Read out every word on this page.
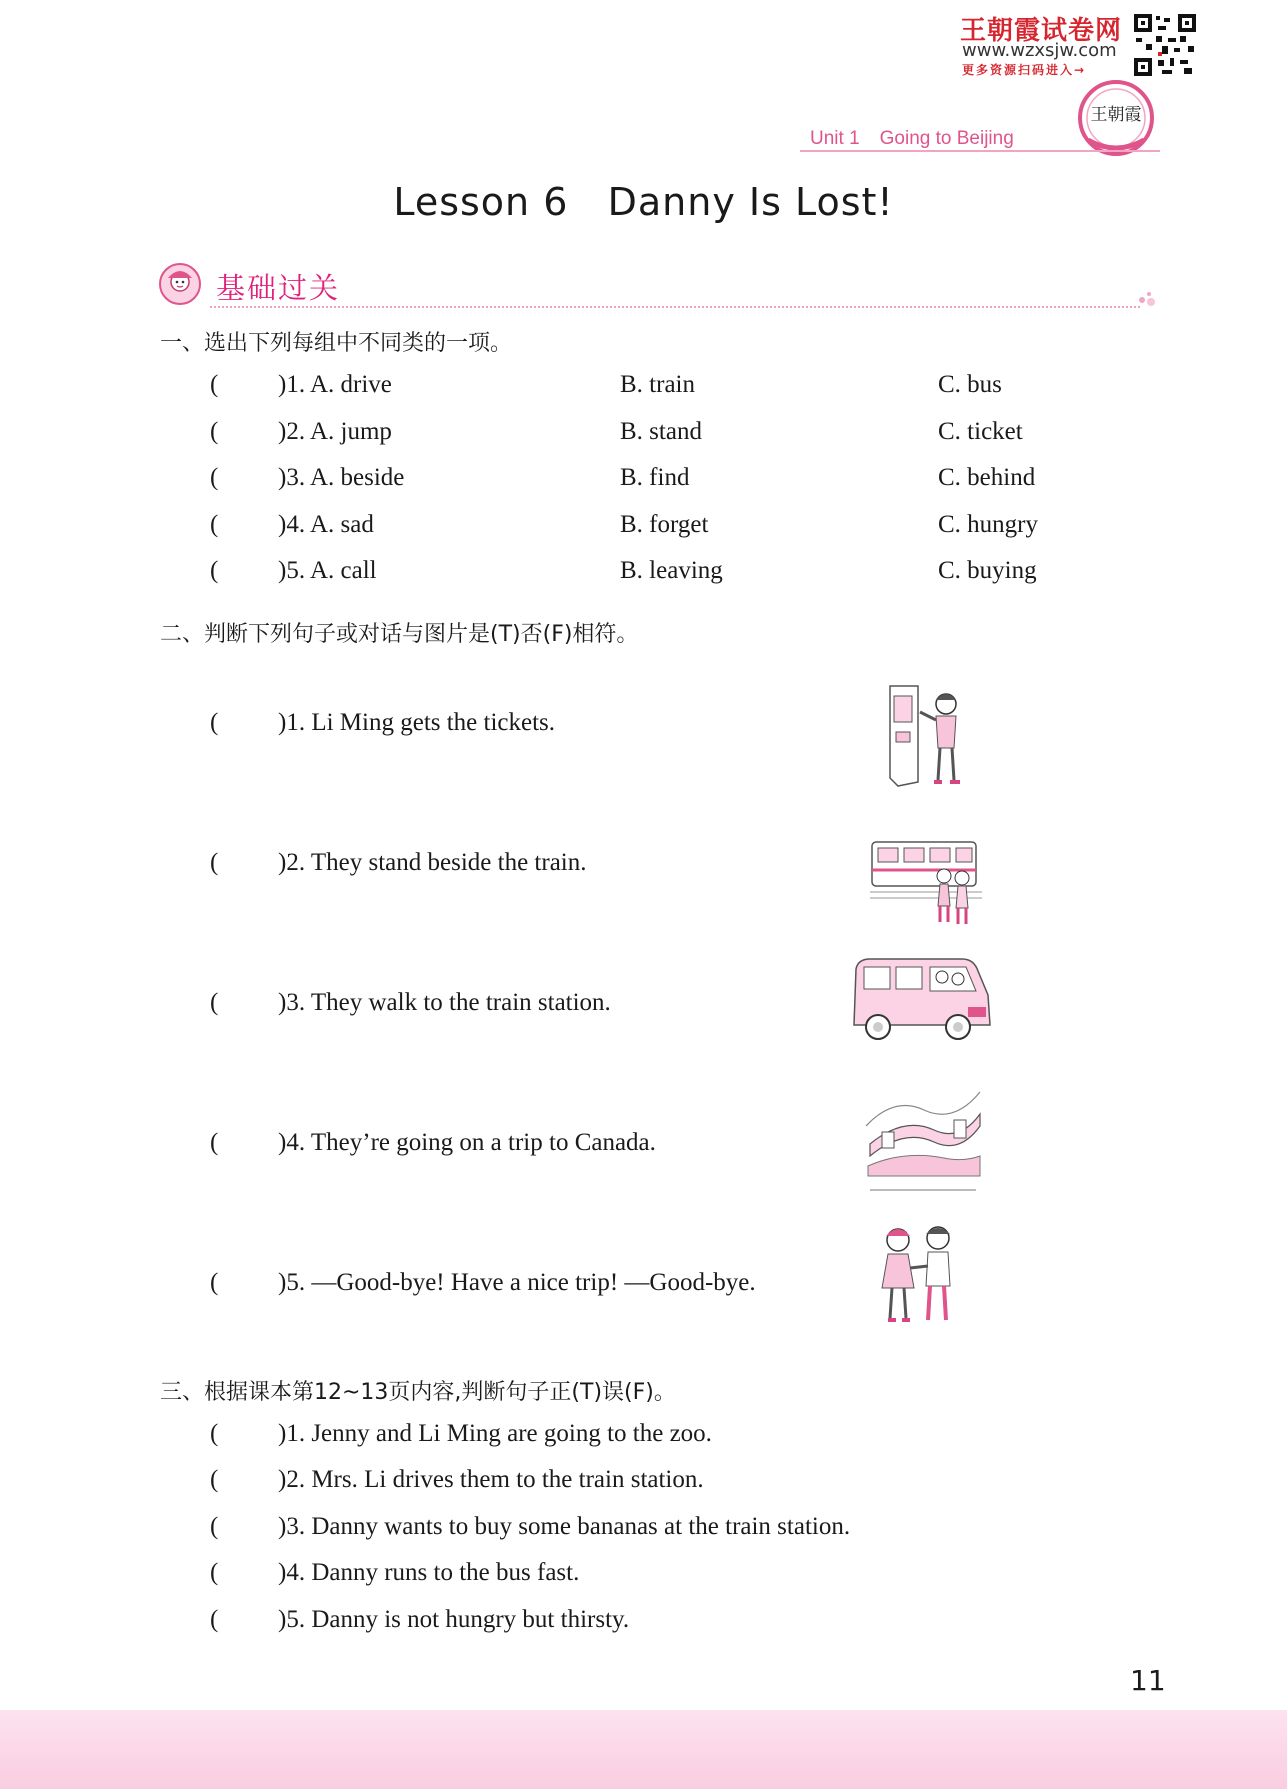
王朝霞试卷网
www.wzxsjw.com
更多资源扫码进入→
王朝霞
Unit 1 Going to Beijing
Lesson 6   Danny Is Lost!
基础过关
一、选出下列每组中不同类的一项。
( )1. A. drive	B. train	C. bus
( )2. A. jump	B. stand	C. ticket
( )3. A. beside	B. find	C. behind
( )4. A. sad	B. forget	C. hungry
( )5. A. call	B. leaving	C. buying
二、判断下列句子或对话与图片是(T)否(F)相符。
( )1. Li Ming gets the tickets.
( )2. They stand beside the train.
( )3. They walk to the train station.
( )4. They’re going on a trip to Canada.
( )5. —Good-bye! Have a nice trip! —Good-bye.
三、根据课本第12~13页内容,判断句子正(T)误(F)。
( )1. Jenny and Li Ming are going to the zoo.
( )2. Mrs. Li drives them to the train station.
( )3. Danny wants to buy some bananas at the train station.
( )4. Danny runs to the bus fast.
( )5. Danny is not hungry but thirsty.
11
